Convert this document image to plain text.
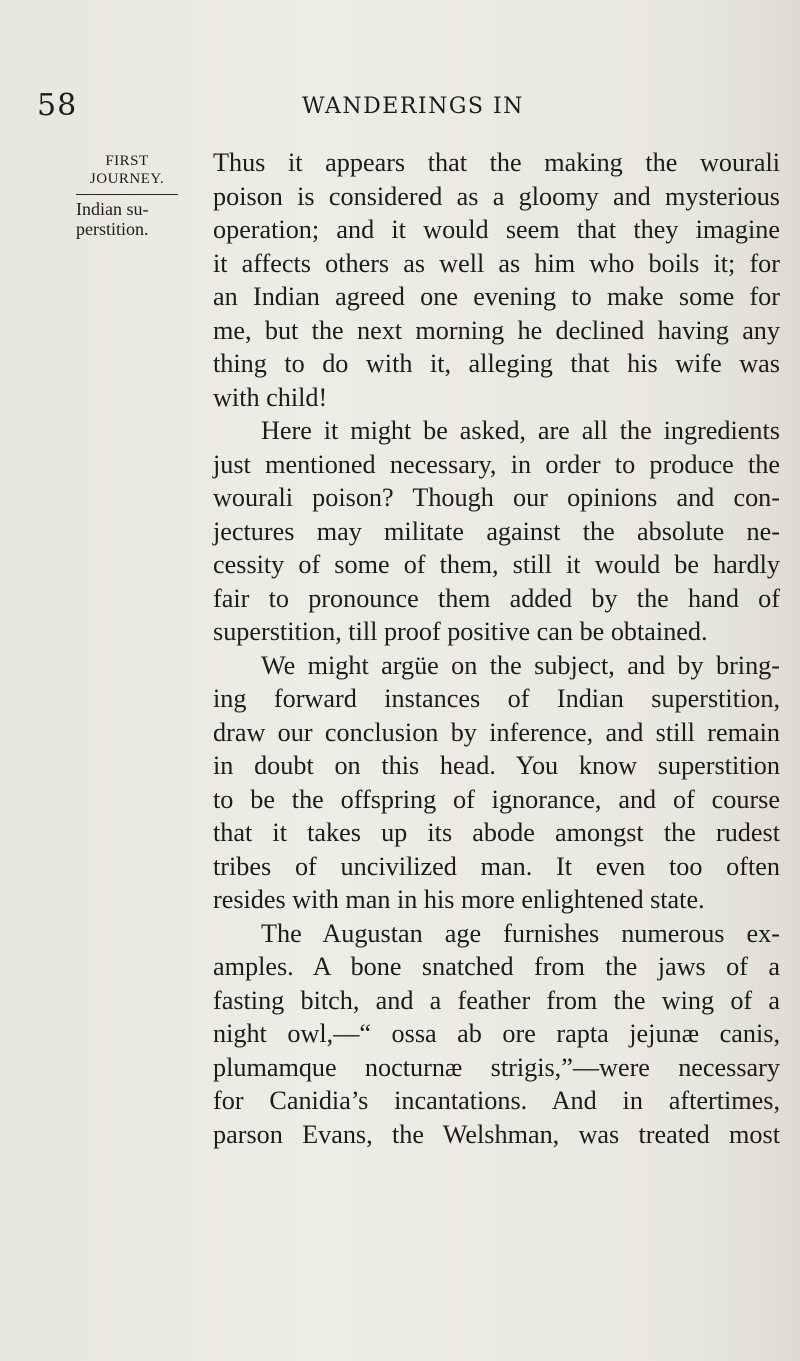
58	WANDERINGS IN
FIRST
JOURNEY.
Indian su-
perstition.
Thus it appears that the making the wourali
poison is considered as a gloomy and mysterious
operation; and it would seem that they imagine
it affects others as well as him who boils it; for
an Indian agreed one evening to make some for
me, but the next morning he declined having any
thing to do with it, alleging that his wife was
with child!
Here it might be asked, are all the ingredients
just mentioned necessary, in order to produce the
wourali poison? Though our opinions and con-
jectures may militate against the absolute ne-
cessity of some of them, still it would be hardly
fair to pronounce them added by the hand of
superstition, till proof positive can be obtained.
We might argüe on the subject, and by bring-
ing forward instances of Indian superstition,
draw our conclusion by inference, and still remain
in doubt on this head. You know superstition
to be the offspring of ignorance, and of course
that it takes up its abode amongst the rudest
tribes of uncivilized man. It even too often
resides with man in his more enlightened state.
The Augustan age furnishes numerous ex-
amples. A bone snatched from the jaws of a
fasting bitch, and a feather from the wing of a
night owl,—“ ossa ab ore rapta jejunæ canis,
plumamque nocturnæ strigis,”—were necessary
for Canidia’s incantations. And in aftertimes,
parson Evans, the Welshman, was treated most
